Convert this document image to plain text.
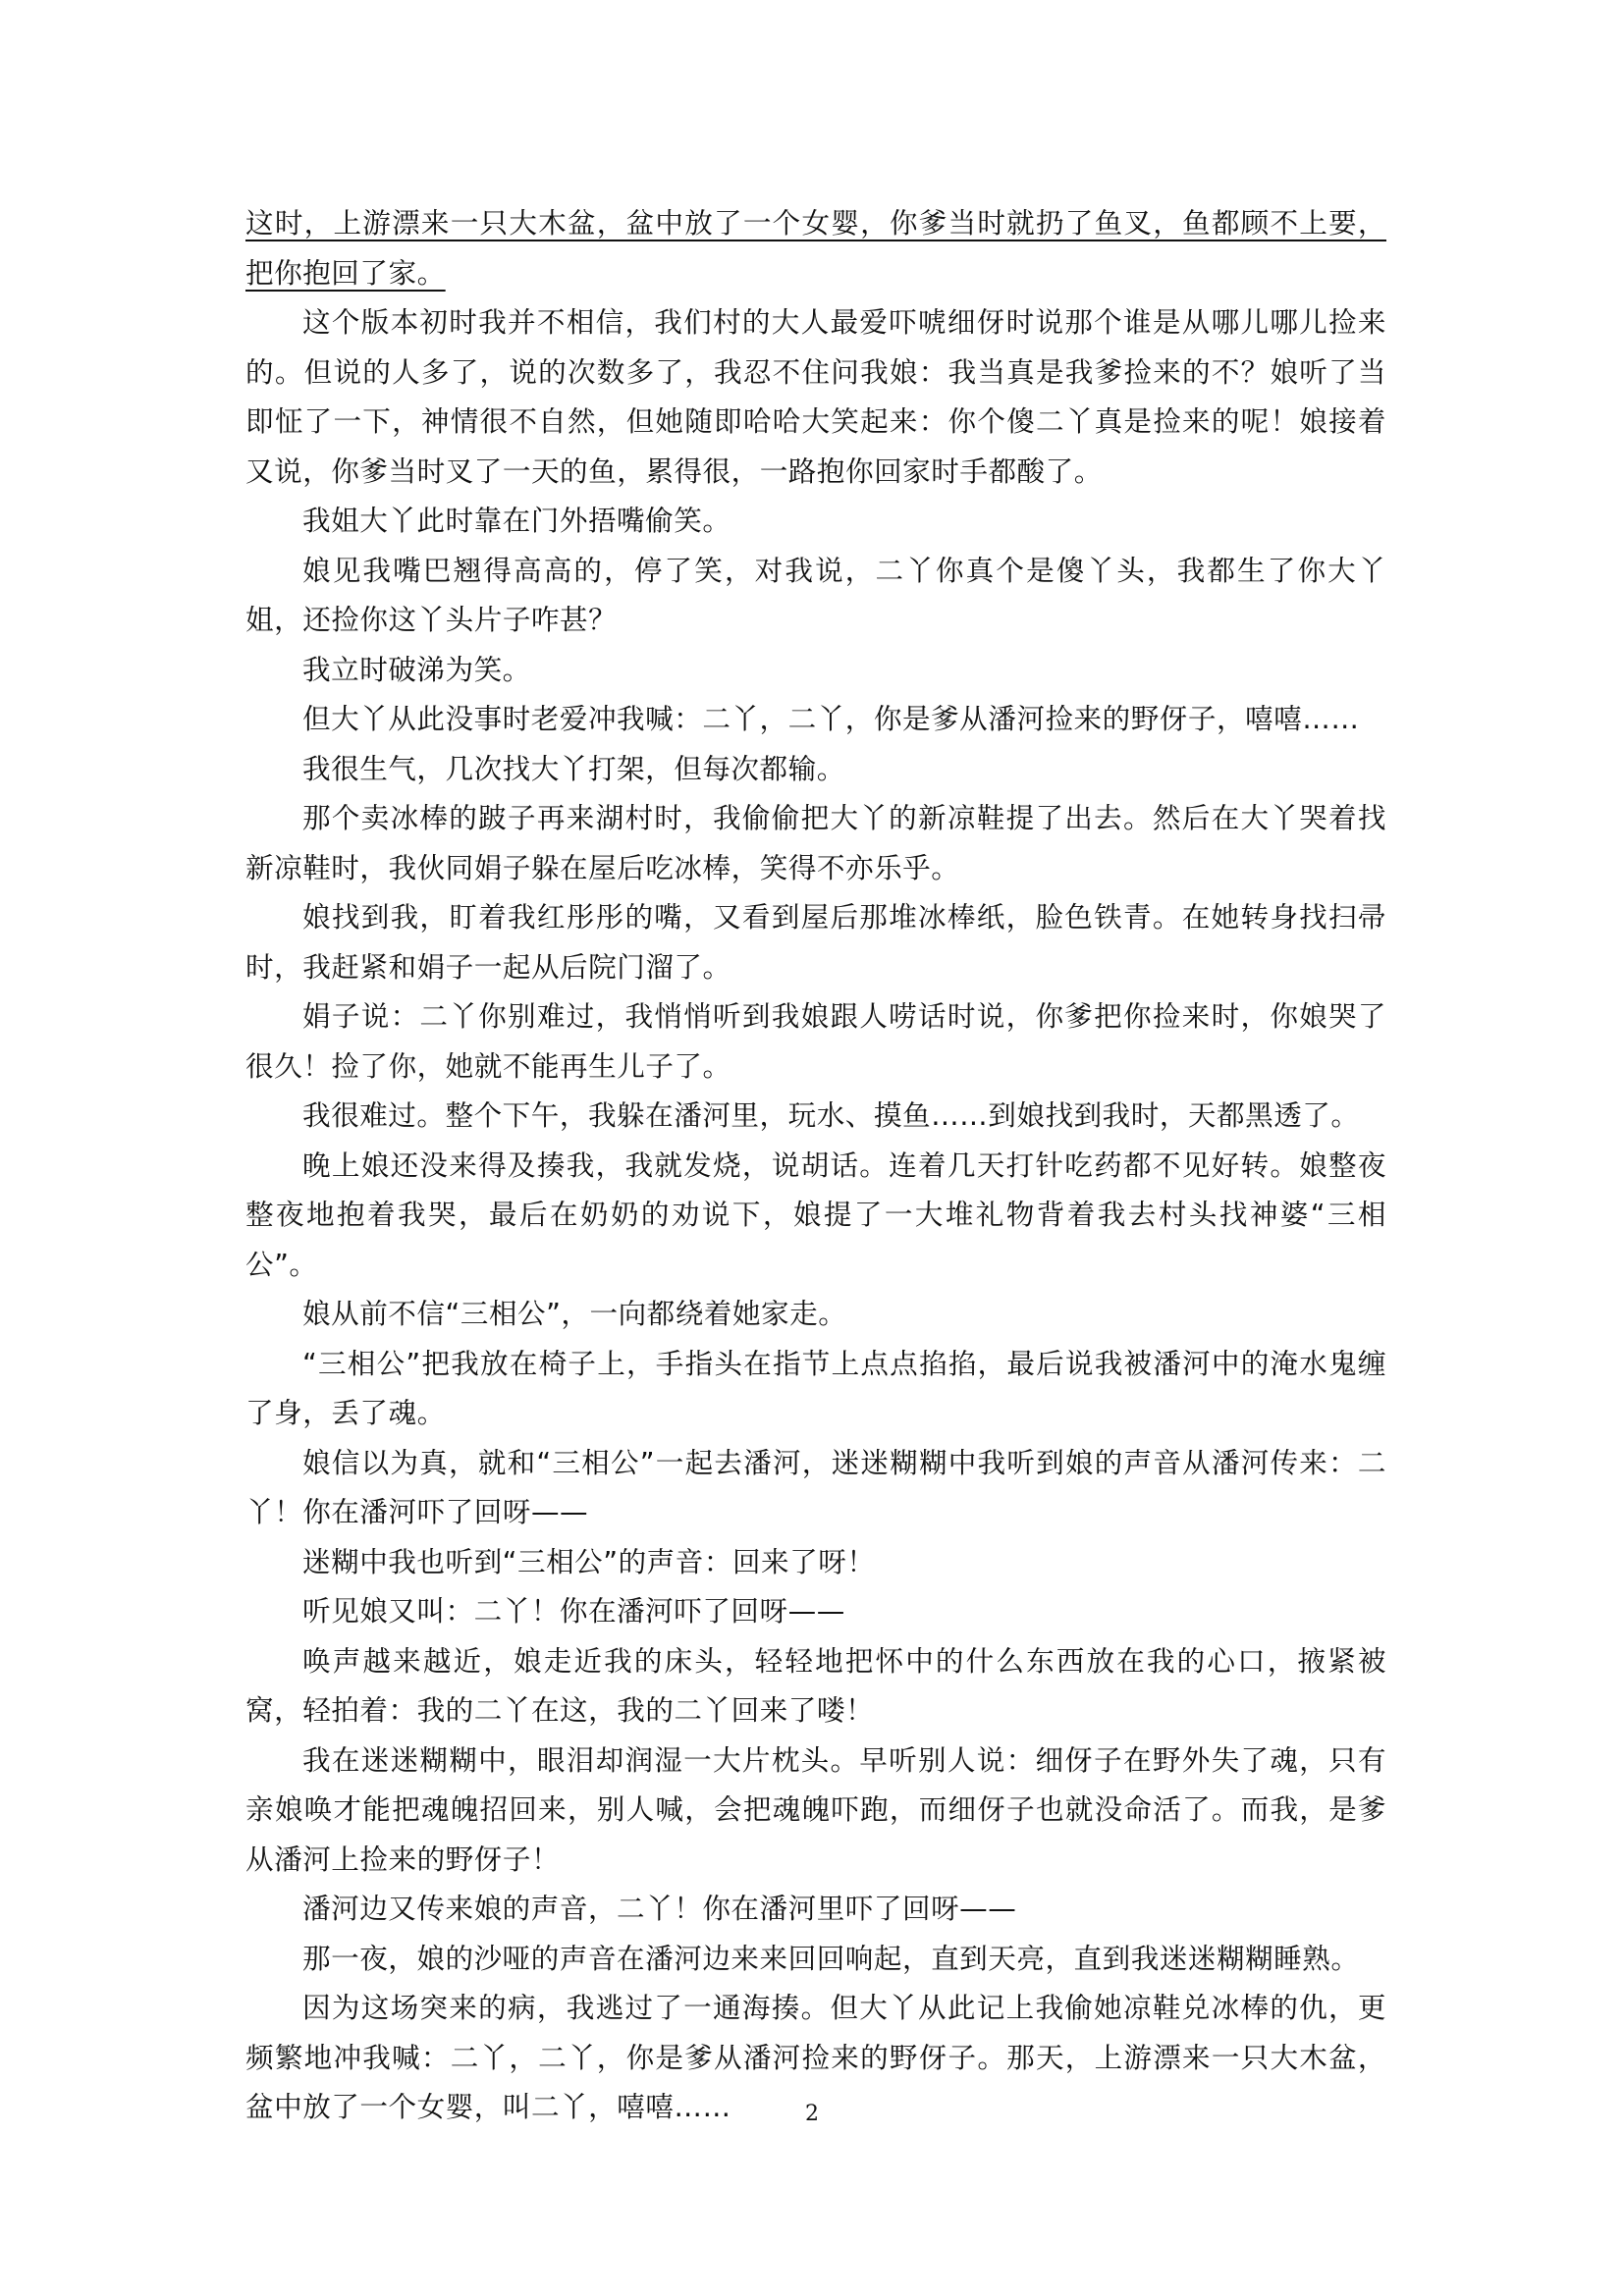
这时，上游漂来一只大木盆，盆中放了一个女婴，你爹当时就扔了鱼叉，鱼都顾不上要，把你抱回了家。

这个版本初时我并不相信，我们村的大人最爱吓唬细伢时说那个谁是从哪儿哪儿捡来的。但说的人多了，说的次数多了，我忍不住问我娘：我当真是我爹捡来的不？娘听了当即怔了一下，神情很不自然，但她随即哈哈大笑起来：你个傻二丫真是捡来的呢！娘接着又说，你爹当时叉了一天的鱼，累得很，一路抱你回家时手都酸了。

我姐大丫此时靠在门外捂嘴偷笑。

娘见我嘴巴翘得高高的，停了笑，对我说，二丫你真个是傻丫头，我都生了你大丫姐，还捡你这丫头片子咋甚？

我立时破涕为笑。

但大丫从此没事时老爱冲我喊：二丫，二丫，你是爹从潘河捡来的野伢子，嘻嘻……

我很生气，几次找大丫打架，但每次都输。

那个卖冰棒的跛子再来湖村时，我偷偷把大丫的新凉鞋提了出去。然后在大丫哭着找新凉鞋时，我伙同娟子躲在屋后吃冰棒，笑得不亦乐乎。

娘找到我，盯着我红彤彤的嘴，又看到屋后那堆冰棒纸，脸色铁青。在她转身找扫帚时，我赶紧和娟子一起从后院门溜了。

娟子说：二丫你别难过，我悄悄听到我娘跟人唠话时说，你爹把你捡来时，你娘哭了很久！捡了你，她就不能再生儿子了。

我很难过。整个下午，我躲在潘河里，玩水、摸鱼……到娘找到我时，天都黑透了。

晚上娘还没来得及揍我，我就发烧，说胡话。连着几天打针吃药都不见好转。娘整夜整夜地抱着我哭，最后在奶奶的劝说下，娘提了一大堆礼物背着我去村头找神婆“三相公”。

娘从前不信“三相公”，一向都绕着她家走。

“三相公”把我放在椅子上，手指头在指节上点点掐掐，最后说我被潘河中的淹水鬼缠了身，丢了魂。

娘信以为真，就和“三相公”一起去潘河，迷迷糊糊中我听到娘的声音从潘河传来：二丫！你在潘河吓了回呀——

迷糊中我也听到“三相公”的声音：回来了呀！

听见娘又叫：二丫！你在潘河吓了回呀——

唤声越来越近，娘走近我的床头，轻轻地把怀中的什么东西放在我的心口，掖紧被窝，轻拍着：我的二丫在这，我的二丫回来了喽！

我在迷迷糊糊中，眼泪却润湿一大片枕头。早听别人说：细伢子在野外失了魂，只有亲娘唤才能把魂魄招回来，别人喊，会把魂魄吓跑，而细伢子也就没命活了。而我，是爹从潘河上捡来的野伢子！

潘河边又传来娘的声音，二丫！你在潘河里吓了回呀——

那一夜，娘的沙哑的声音在潘河边来来回回响起，直到天亮，直到我迷迷糊糊睡熟。

因为这场突来的病，我逃过了一通海揍。但大丫从此记上我偷她凉鞋兑冰棒的仇，更频繁地冲我喊：二丫，二丫，你是爹从潘河捡来的野伢子。那天，上游漂来一只大木盆，盆中放了一个女婴，叫二丫，嘻嘻……	2
